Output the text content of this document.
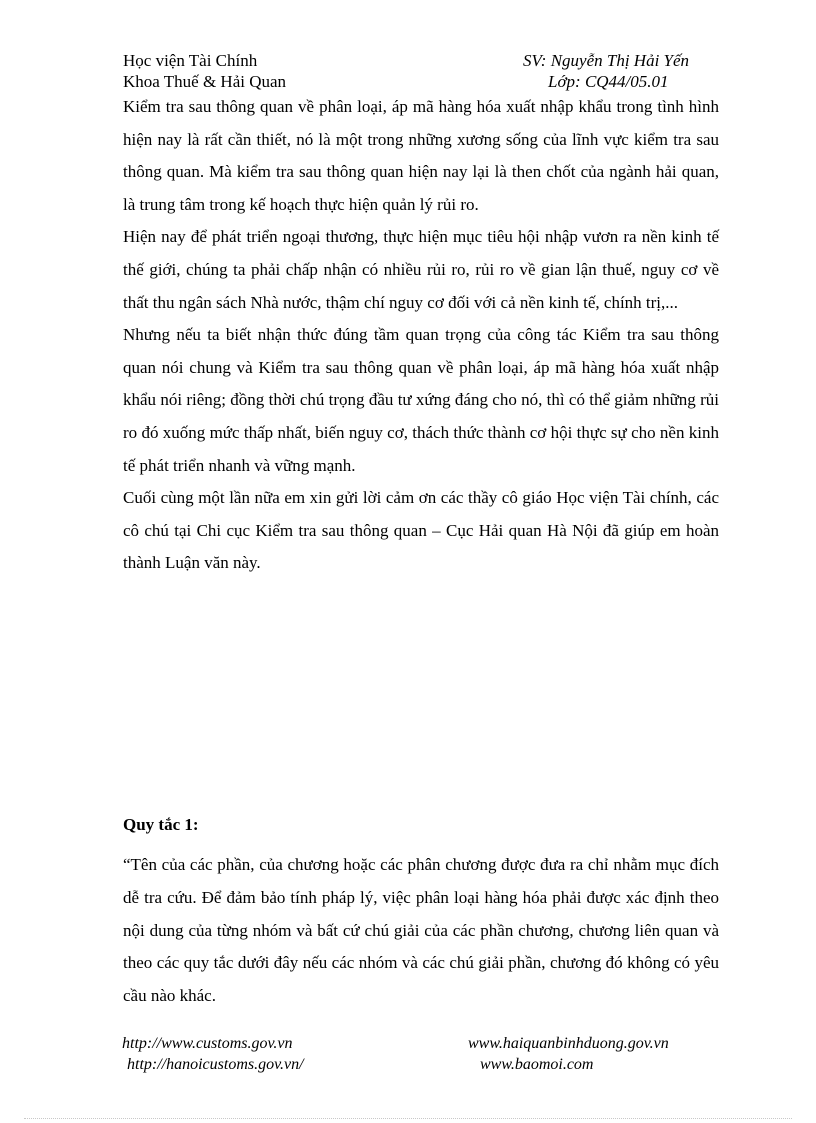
Học viện Tài Chính
Khoa Thuế & Hải Quan
SV: Nguyễn Thị Hải Yến
Lớp: CQ44/05.01

Kiểm tra sau thông quan về phân loại, áp mã hàng hóa xuất nhập khẩu trong tình hình hiện nay là rất cần thiết, nó là một trong những xương sống của lĩnh vực kiểm tra sau thông quan. Mà kiểm tra sau thông quan hiện nay lại là then chốt của ngành hải quan, là trung tâm trong kế hoạch thực hiện quản lý rủi ro.

Hiện nay để phát triển ngoại thương, thực hiện mục tiêu hội nhập vươn ra nền kinh tế thế giới, chúng ta phải chấp nhận có nhiều rủi ro, rủi ro về gian lận thuế, nguy cơ về thất thu ngân sách Nhà nước, thậm chí nguy cơ đối với cả nền kinh tế, chính trị,...

Nhưng nếu ta biết nhận thức đúng tầm quan trọng của công tác Kiểm tra sau thông quan nói chung và Kiểm tra sau thông quan về phân loại, áp mã hàng hóa xuất nhập khẩu nói riêng; đồng thời chú trọng đầu tư xứng đáng cho nó, thì có thể giảm những rủi ro đó xuống mức thấp nhất, biến nguy cơ, thách thức thành cơ hội thực sự cho nền kinh tế phát triển nhanh và vững mạnh.

Cuối cùng một lần nữa em xin gửi lời cảm ơn các thầy cô giáo Học viện Tài chính, các cô chú tại Chi cục Kiểm tra sau thông quan – Cục Hải quan Hà Nội đã giúp em hoàn thành Luận văn này.

Quy tắc 1:

“Tên của các phần, của chương hoặc các phân chương được đưa ra chỉ nhằm mục đích dễ tra cứu. Để đảm bảo tính pháp lý, việc phân loại hàng hóa phải được xác định theo nội dung của từng nhóm và bất cứ chú giải của các phần chương, chương liên quan và theo các quy tắc dưới đây nếu các nhóm và các chú giải phần, chương đó không có yêu cầu nào khác.

http://www.customs.gov.vn
http://hanoicustoms.gov.vn/
www.haiquanbinhduong.gov.vn
www.baomoi.com
